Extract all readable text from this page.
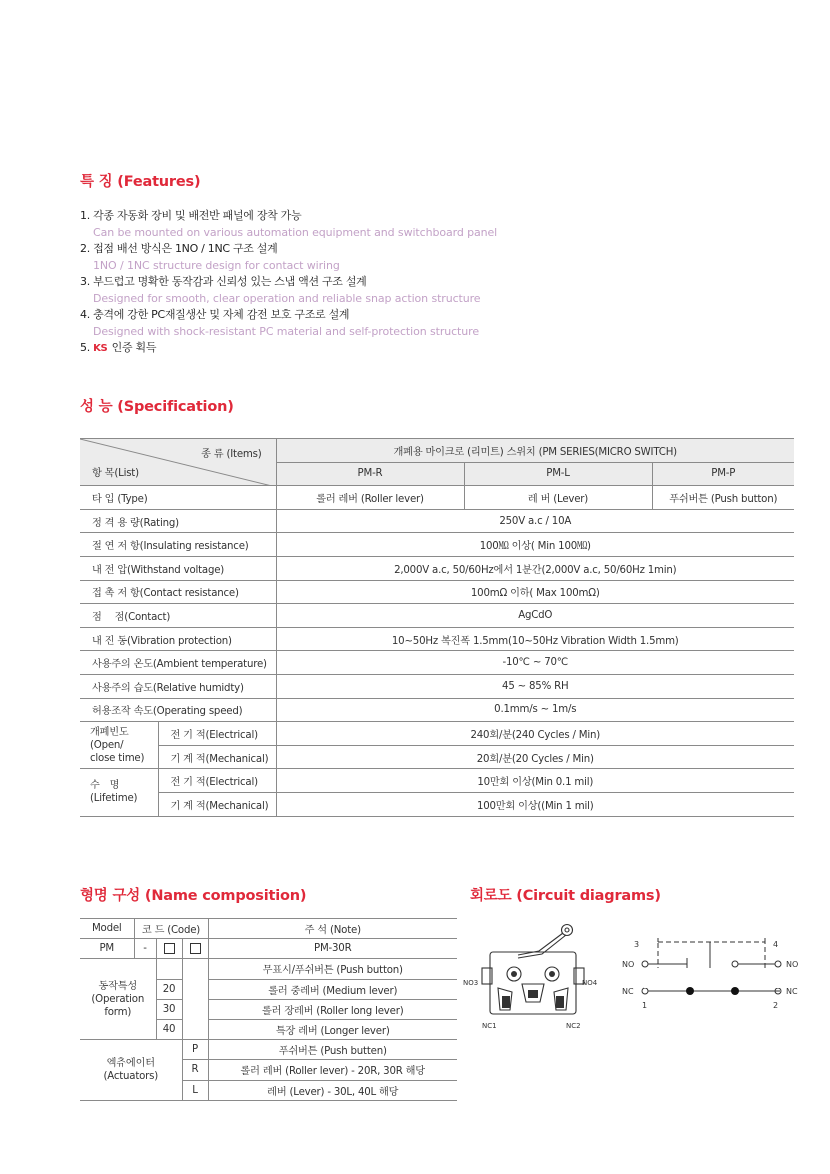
특 징 (Features)

1. 각종 자동화 장비 및 배전반 패널에 장착 가능

Can be mounted on various automation equipment and switchboard panel

2. 접점 배선 방식은 1NO / 1NC 구조 설계

1NO / 1NC structure design for contact wiring

3. 부드럽고 명확한 동작감과 신뢰성 있는 스냅 액션 구조 설계

Designed for smooth, clear operation and reliable snap action structure

4. 충격에 강한 PC재질생산 및 자체 감전 보호 구조로 설계

Designed with shock-resistant PC material and self-protection structure

5. KS 인증 획득

성 능 (Specification)
종 류 (Items)
항 목(List)		개폐용 마이크로 (리미트) 스위치 (PM SERIES(MICRO SWITCH)		
		PM-R	PM-L	PM-P
타 입 (Type)		롤러 레버 (Roller lever)	레 버 (Lever)	푸쉬버튼 (Push button)
정 격 용 량(Rating)		250V a.c / 10A		
절 연 저 항(Insulating resistance)		100㏁ 이상( Min 100㏁)		
내 전 압(Withstand voltage)		2,000V a.c, 50/60Hz에서 1분간(2,000V a.c, 50/60Hz 1min)		
접 촉 저 항(Contact resistance)		100mΩ 이하( Max 100mΩ)		
점　 점(Contact)		AgCdO		
내 진 동(Vibration protection)		10~50Hz 복진폭 1.5mm(10~50Hz Vibration Width 1.5mm)		
사용주의 온도(Ambient temperature)		-10℃ ~ 70℃		
사용주의 습도(Relative humidty)		45 ~ 85% RH		
허용조작 속도(Operating speed)		0.1mm/s ~ 1m/s		
개폐빈도 (Open/ close time)	전 기 적(Electrical)	240회/분(240 Cycles / Min)		
	기 계 적(Mechanical)	20회/분(20 Cycles / Min)		
수　명 (Lifetime)	전 기 적(Electrical)	10만회 이상(Min 0.1 mil)		
	기 계 적(Mechanical)	100만회 이상((Min 1 mil)		
형명 구성 (Name composition)	회로도 (Circuit diagrams)
Model	코 드 (Code)			주 석 (Note)
PM	-			PM-30R
동작특성 (Operation form)				무표시/푸쉬버튼 (Push button)
		20		롤러 중레버 (Medium lever)
		30		롤러 장레버 (Roller long lever)
		40		특장 레버 (Longer lever)
엑츄에이터 (Actuators)			P	푸쉬버튼 (Push butten)
			R	롤러 레버 (Roller lever) - 20R, 30R 해당
			L	레버 (Lever) - 30L, 40L 해당
NO3	NO4
NC1	NC2
3	4
NO	NO
NC	NC
1	2
